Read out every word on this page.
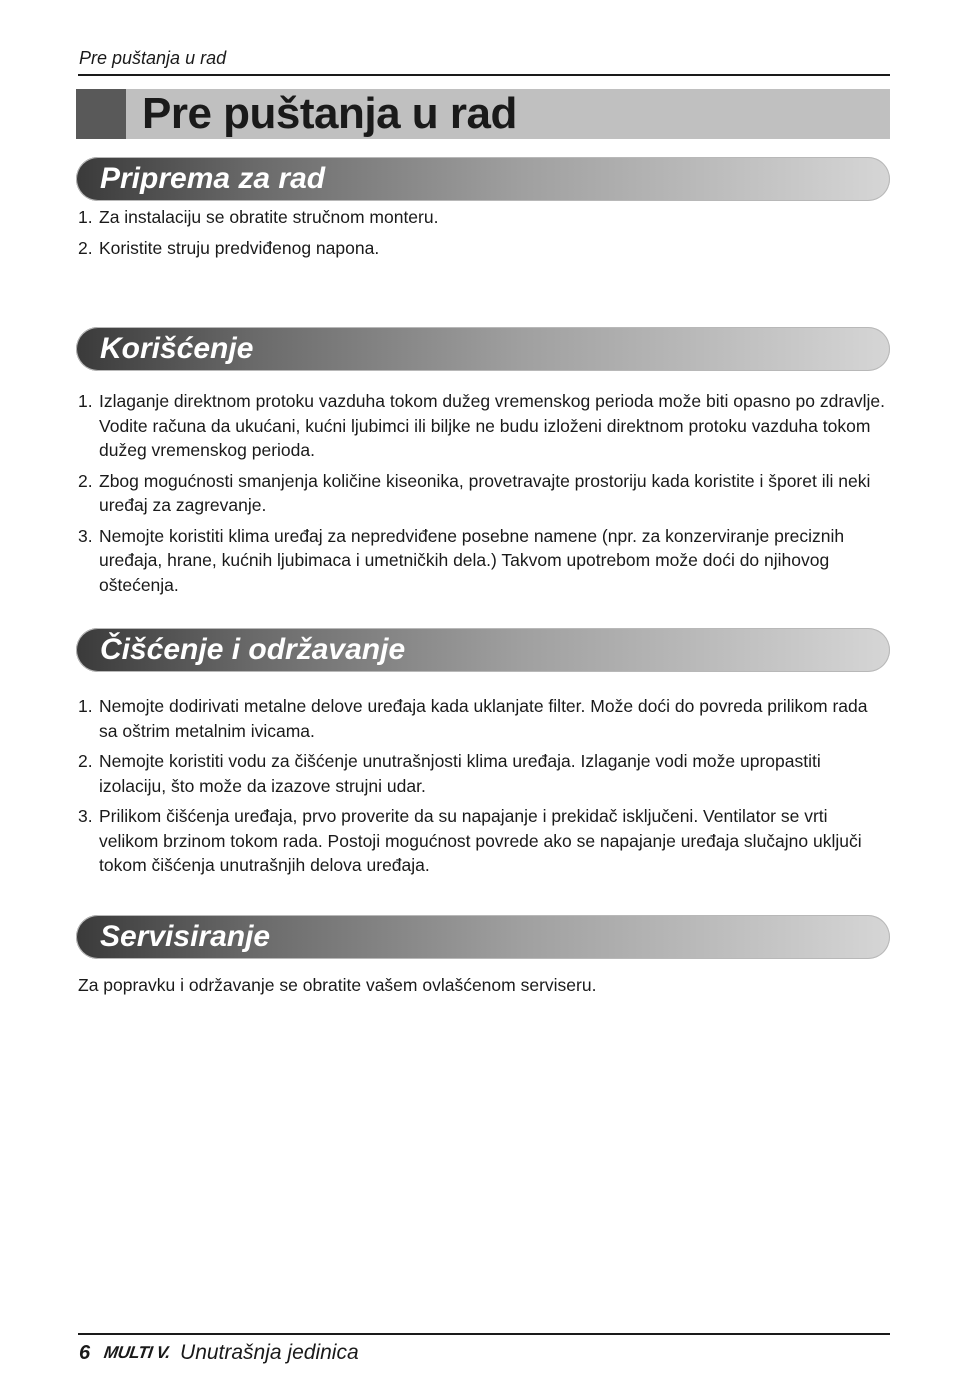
Pre puštanja u rad
Pre puštanja u rad
Priprema za rad
1. Za instalaciju se obratite stručnom monteru.
2. Koristite struju predviđenog napona.
Korišćenje
1. Izlaganje direktnom protoku vazduha tokom dužeg vremenskog perioda može biti opasno po zdravlje. Vodite računa da ukućani, kućni ljubimci ili biljke ne budu izloženi direktnom protoku vazduha tokom dužeg vremenskog perioda.
2. Zbog mogućnosti smanjenja količine kiseonika, provetravajte prostoriju kada koristite i šporet ili neki uređaj za zagrevanje.
3. Nemojte koristiti klima uređaj za nepredviđene posebne namene (npr. za konzerviranje preciznih uređaja, hrane, kućnih ljubimaca i umetničkih dela.) Takvom upotrebom može doći do njihovog oštećenja.
Čišćenje i održavanje
1. Nemojte dodirivati metalne delove uređaja kada uklanjate filter. Može doći do povreda prilikom rada sa oštrim metalnim ivicama.
2. Nemojte koristiti vodu za čišćenje unutrašnjosti klima uređaja. Izlaganje vodi može upropastiti izolaciju, što može da izazove strujni udar.
3. Prilikom čišćenja uređaja, prvo proverite da su napajanje i prekidač isključeni. Ventilator se vrti velikom brzinom tokom rada. Postoji mogućnost povrede ako se napajanje uređaja slučajno uključi tokom čišćenja unutrašnjih delova uređaja.
Servisiranje
Za popravku i održavanje se obratite vašem ovlašćenom serviseru.
6 MULTI V. Unutrašnja jedinica
